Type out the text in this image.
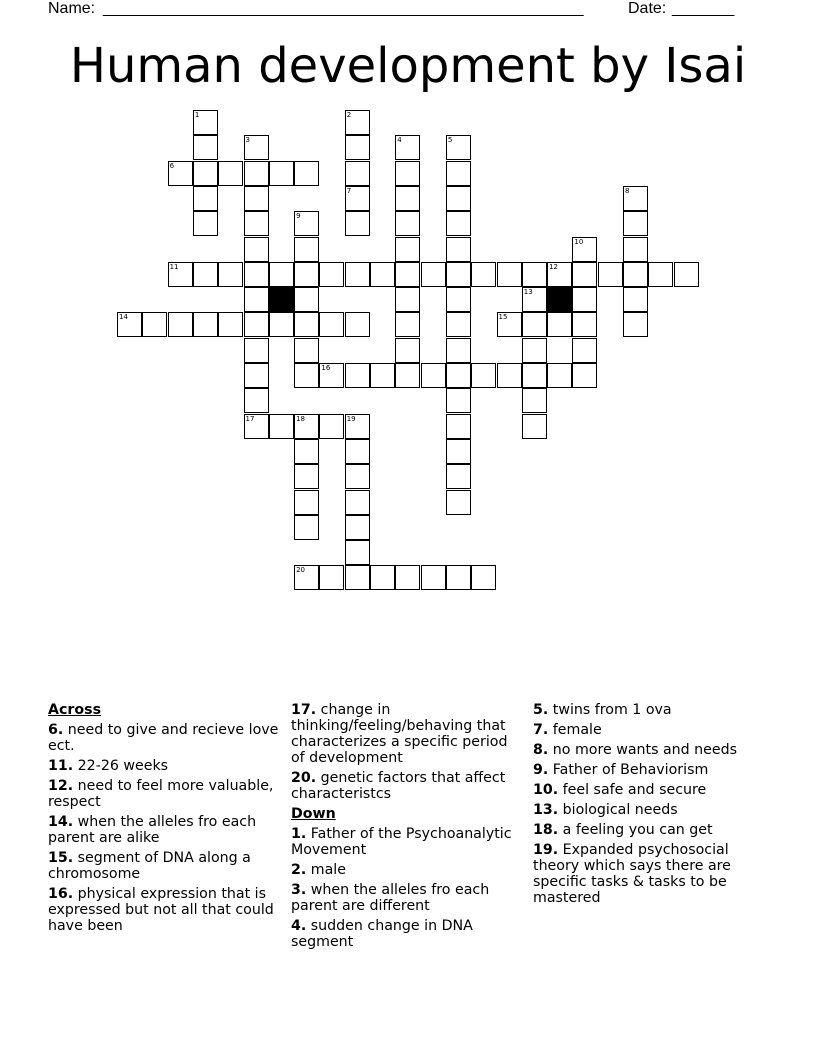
Name: ______________________________________________________	Date: _______
Human development by Isai
6
11	12
14	15
16
17	18	19
20
1	2
3	4	5
7	8
9
10
13
Across
6. need to give and recieve love ect.
11. 22-26 weeks
12. need to feel more valuable, respect
14. when the alleles fro each parent are alike
15. segment of DNA along a chromosome
16. physical expression that is expressed but not all that could have been
17. change in thinking/feeling/behaving that characterizes a specific period of development
20. genetic factors that affect characteristcs
Down
1. Father of the Psychoanalytic Movement
2. male
3. when the alleles fro each parent are different
4. sudden change in DNA segment
5. twins from 1 ova
7. female
8. no more wants and needs
9. Father of Behaviorism
10. feel safe and secure
13. biological needs
18. a feeling you can get
19. Expanded psychosocial theory which says there are specific tasks & tasks to be mastered
